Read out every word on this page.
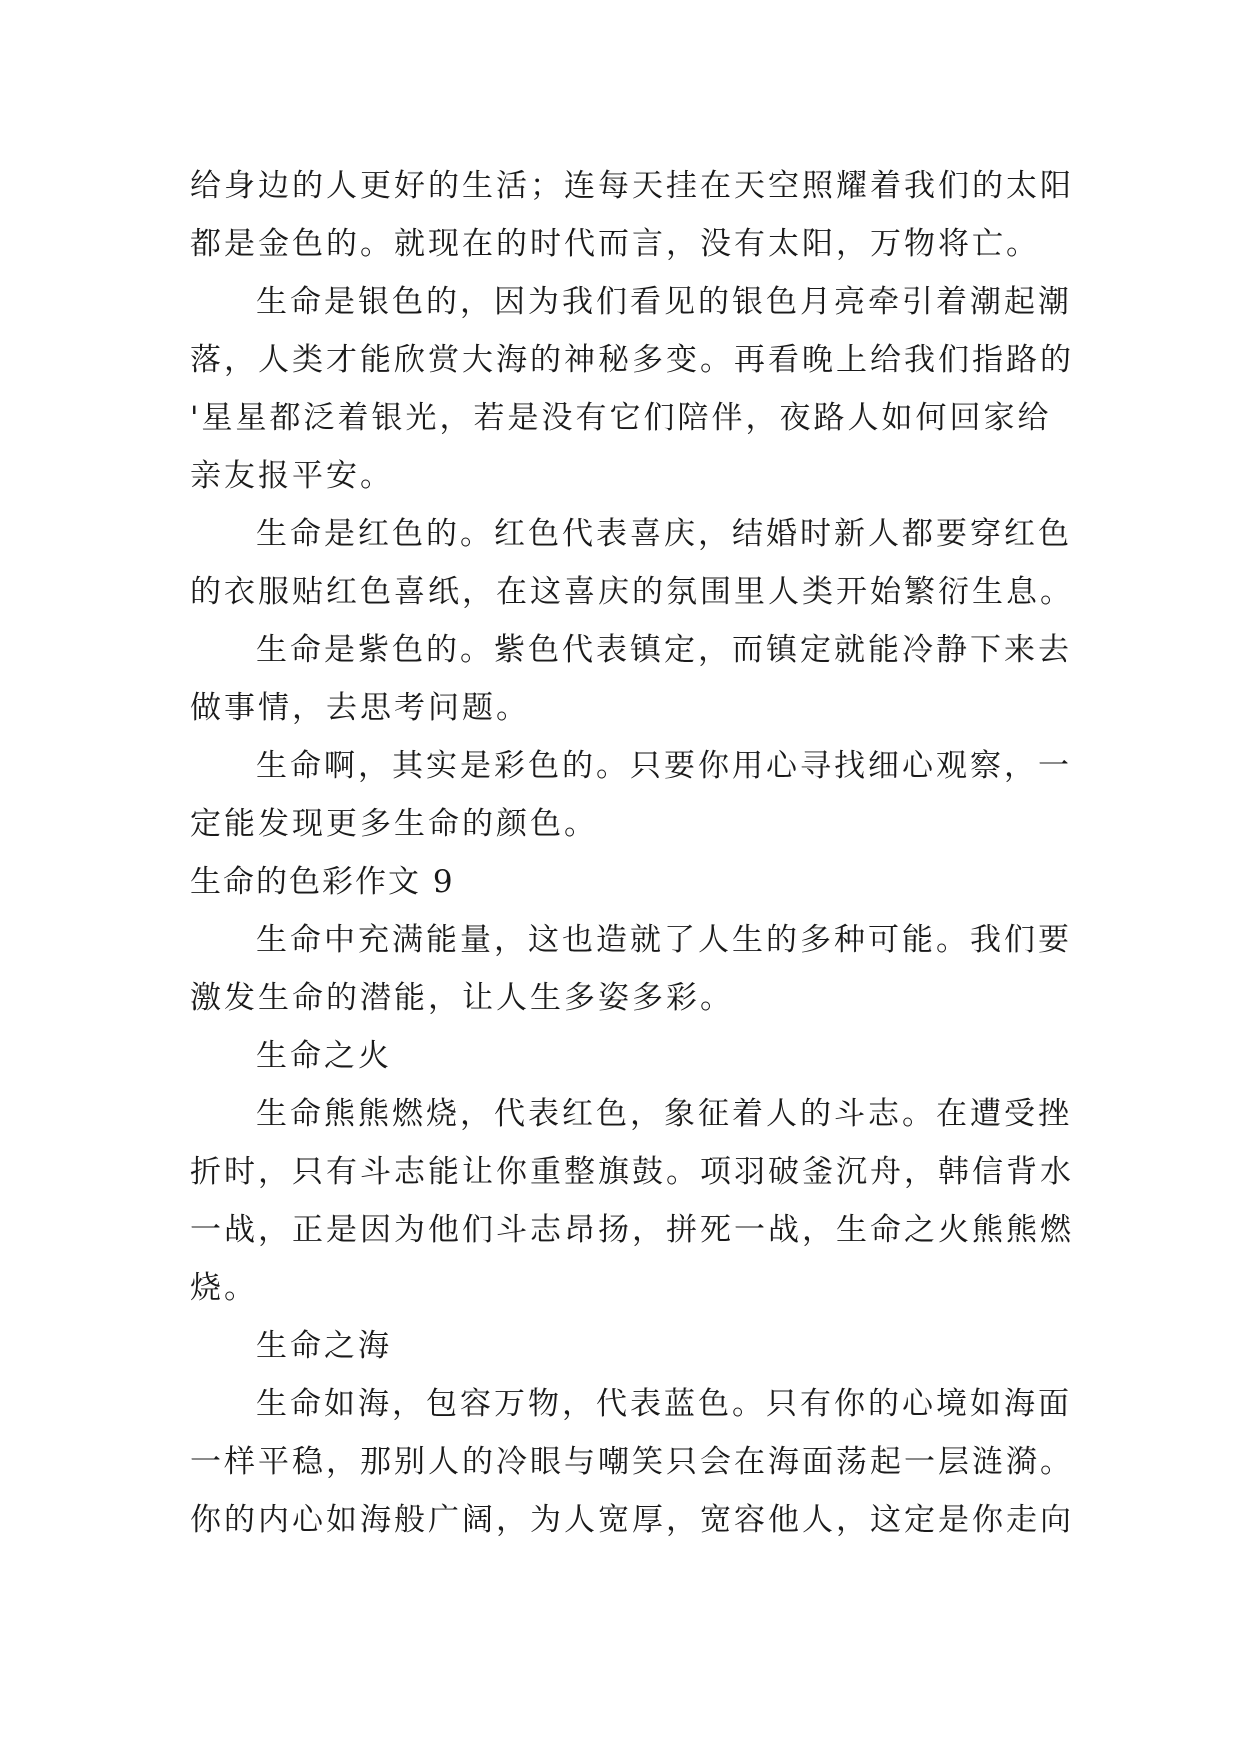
给身边的人更好的生活；连每天挂在天空照耀着我们的太阳
都是金色的。就现在的时代而言，没有太阳，万物将亡。
生命是银色的，因为我们看见的银色月亮牵引着潮起潮
落，人类才能欣赏大海的神秘多变。再看晚上给我们指路的
'星星都泛着银光，若是没有它们陪伴，夜路人如何回家给
亲友报平安。
生命是红色的。红色代表喜庆，结婚时新人都要穿红色
的衣服贴红色喜纸，在这喜庆的氛围里人类开始繁衍生息。
生命是紫色的。紫色代表镇定，而镇定就能冷静下来去
做事情，去思考问题。
生命啊，其实是彩色的。只要你用心寻找细心观察，一
定能发现更多生命的颜色。
生命的色彩作文 9
生命中充满能量，这也造就了人生的多种可能。我们要
激发生命的潜能，让人生多姿多彩。
生命之火
生命熊熊燃烧，代表红色，象征着人的斗志。在遭受挫
折时，只有斗志能让你重整旗鼓。项羽破釜沉舟，韩信背水
一战，正是因为他们斗志昂扬，拼死一战，生命之火熊熊燃
烧。
生命之海
生命如海，包容万物，代表蓝色。只有你的心境如海面
一样平稳，那别人的冷眼与嘲笑只会在海面荡起一层涟漪。
你的内心如海般广阔，为人宽厚，宽容他人，这定是你走向
